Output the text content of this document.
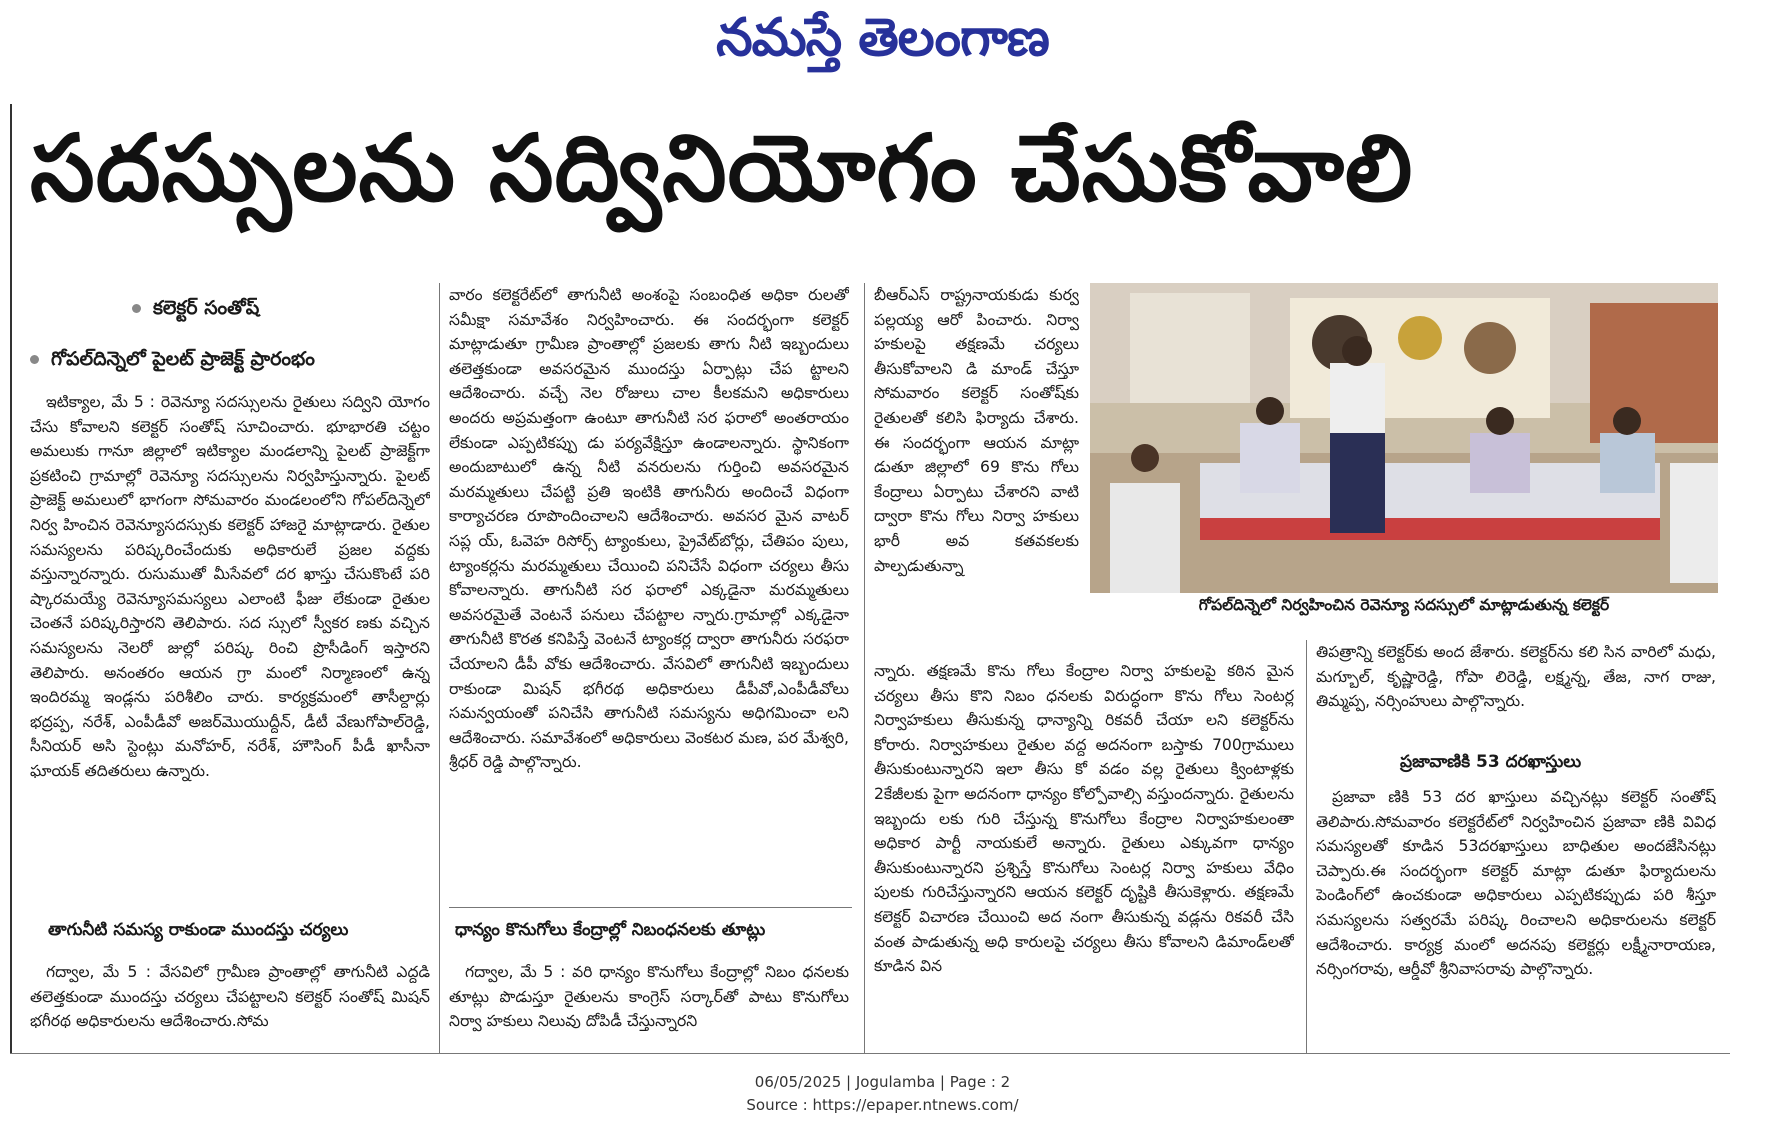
నమస్తే తెలంగాణ
సదస్సులను సద్వినియోగం చేసుకోవాలి
కలెక్టర్ సంతోష్
గోపల్‌దిన్నెలో పైలట్ ప్రాజెక్ట్ ప్రారంభం

ఇటిక్యాల, మే 5 : రెవెన్యూ సదస్సులను రైతులు సద్విని యోగం చేసు కోవాలని కలెక్టర్ సంతోష్ సూచించారు. భూభారతి చట్టం అమలుకు గానూ జిల్లాలో ఇటిక్యాల మండలాన్ని పైలట్ ప్రాజెక్ట్‌గా ప్రకటించి గ్రామాల్లో రెవెన్యూ సదస్సులను నిర్వహిస్తున్నారు. పైలట్ ప్రాజెక్ట్ అమలులో భాగంగా సోమవారం మండలంలోని గోపల్‌దిన్నెలో నిర్వ హించిన రెవెన్యూసదస్సుకు కలెక్టర్ హాజరై మాట్లాడారు. రైతుల సమస్యలను పరిష్కరించేందుకు అధికారులే ప్రజల వద్దకు వస్తున్నారన్నారు. రుసుముతో మీసేవలో దర ఖాస్తు చేసుకొంటే పరి ష్కారమయ్యే రెవెన్యూసమస్యలు ఎలాంటి ఫీజు లేకుండా రైతుల చెంతనే పరిష్కరిస్తారని తెలిపారు. సద స్సులో స్వీకర ణకు వచ్చిన సమస్యలను నెలరో జుల్లో పరిష్క రించి ప్రొసీడింగ్ ఇస్తారని తెలిపారు. అనంతరం ఆయన గ్రా మంలో నిర్మాణంలో ఉన్న ఇందిరమ్మ ఇండ్లను పరిశీలిం చారు. కార్యక్రమంలో తాసీల్దార్లు భద్రప్ప, నరేశ్, ఎంపీడీవో అజర్‌మొయుద్దీన్, డీటీ వేణుగోపాల్‌రెడ్డి, సీనియర్ అసి స్టెంట్లు మనోహర్, నరేశ్, హౌసింగ్ పీడీ ఖాసీనా ఘాయక్ తదితరులు ఉన్నారు.

తాగునీటి సమస్య రాకుండా ముందస్తు చర్యలు

గద్వాల, మే 5 : వేసవిలో గ్రామీణ ప్రాంతాల్లో తాగునీటి ఎద్దడి తలెత్తకుండా ముందస్తు చర్యలు చేపట్టాలని కలెక్టర్ సంతోష్ మిషన్ భగీరథ అధికారులను ఆదేశించారు.సోమ

వారం కలెక్టరేట్‌లో తాగునీటి అంశంపై సంబంధిత అధికా రులతో సమీక్షా సమావేశం నిర్వహించారు. ఈ సందర్భంగా కలెక్టర్ మాట్లాడుతూ గ్రామీణ ప్రాంతాల్లో ప్రజలకు తాగు నీటి ఇబ్బందులు తలెత్తకుండా అవసరమైన ముందస్తు ఏర్పాట్లు చేప ట్టాలని ఆదేశించారు. వచ్చే నెల రోజులు చాల కీలకమని అధికారులు అందరు అప్రమత్తంగా ఉంటూ తాగునీటి సర ఫరాలో అంతరాయం లేకుండా ఎప్పటికప్పు డు పర్యవేక్షిస్తూ ఉండాలన్నారు. స్థానికంగా అందుబాటులో ఉన్న నీటి వనరులను గుర్తించి అవసరమైన మరమ్మతులు చేపట్టి ప్రతి ఇంటికి తాగునీరు అందించే విధంగా కార్యాచరణ రూపొందించాలని ఆదేశించారు. అవసర మైన వాటర్ సప్ల య్, ఓవెహ రిసోర్స్ ట్యాంకులు, ప్రైవేట్‌బోర్లు, చేతిపం పులు, ట్యాంకర్లను మరమ్మతులు చేయించి పనిచేసే విధంగా చర్యలు తీసు కోవాలన్నారు. తాగునీటి సర ఫరాలో ఎక్కడైనా మరమ్మతులు అవసరమైతే వెంటనే పనులు చేపట్టాల న్నారు.గ్రామాల్లో ఎక్కడైనా తాగునీటి కొరత కనిపిస్తే వెంటనే ట్యాంకర్ల ద్వారా తాగునీరు సరఫరా చేయాలని డీపీ వోకు ఆదేశించారు. వేసవిలో తాగునీటి ఇబ్బందులు రాకుండా మిషన్ భగీరథ అధికారులు డీపీవో,ఎంపీడీవోలు సమన్వయంతో పనిచేసి తాగునీటి సమస్యను అధిగమించా లని ఆదేశించారు. సమావేశంలో అధికారులు వెంకటర మణ, పర మేశ్వరి, శ్రీధర్ రెడ్డి పాల్గొన్నారు.

ధాన్యం కొనుగోలు కేంద్రాల్లో నిబంధనలకు తూట్లు

గద్వాల, మే 5 : వరి ధాన్యం కొనుగోలు కేంద్రాల్లో నిబం ధనలకు తూట్లు పొడుస్తూ రైతులను కాంగ్రెస్ సర్కార్‌తో పాటు కొనుగోలు నిర్వా హకులు నిలువు దోపిడీ చేస్తున్నారని

బీఆర్ఎస్ రాష్ట్రనాయకుడు కుర్వ పల్లయ్య ఆరో పించారు. నిర్వా హకులపై తక్షణమే చర్యలు తీసుకోవాలని డి మాండ్ చేస్తూ సోమవారం కలెక్టర్ సంతోష్‌కు రైతులతో కలిసి ఫిర్యాదు చేశారు. ఈ సందర్భంగా ఆయన మాట్లా డుతూ జిల్లాలో 69 కొను గోలు కేంద్రాలు ఏర్పాటు చేశారని వాటి ద్వారా కొను గోలు నిర్వా హకులు భారీ అవ కతవకలకు పాల్పడుతున్నా

గోపల్‌దిన్నెలో నిర్వహించిన రెవెన్యూ సదస్సులో మాట్లాడుతున్న కలెక్టర్

న్నారు. తక్షణమే కొను గోలు కేంద్రాల నిర్వా హకులపై కఠిన మైన చర్యలు తీసు కొని నిబం ధనలకు విరుద్ధంగా కొను గోలు సెంటర్ల నిర్వాహకులు తీసుకున్న ధాన్యాన్ని రికవరీ చేయా లని కలెక్టర్‌ను కోరారు. నిర్వాహకులు రైతుల వద్ద అదనంగా బస్తాకు 700గ్రాములు తీసుకుంటున్నారని ఇలా తీసు కో వడం వల్ల రైతులు క్వింటాళ్లకు 2కేజీలకు పైగా అదనంగా ధాన్యం కోల్పోవాల్సి వస్తుందన్నారు. రైతులను ఇబ్బందు లకు గురి చేస్తున్న కొనుగోలు కేంద్రాల నిర్వాహకులంతా అధికార పార్టీ నాయకులే అన్నారు. రైతులు ఎక్కువగా ధాన్యం తీసుకుంటున్నారని ప్రశ్నిస్తే కొనుగోలు సెంటర్ల నిర్వా హకులు వేధిం పులకు గురిచేస్తున్నారని ఆయన కలెక్టర్ దృష్టికి తీసుకెళ్లారు. తక్షణమే కలెక్టర్ విచారణ చేయించి అద నంగా తీసుకున్న వడ్లను రికవరీ చేసి వంత పాడుతున్న అధి కారులపై చర్యలు తీసు కోవాలని డిమాండ్‌లతో కూడిన విన

తిపత్రాన్ని కలెక్టర్‌కు అంద జేశారు. కలెక్టర్‌ను కలి సిన వారిలో మధు, మగ్బూల్, కృష్ణారెడ్డి, గోపా లిరెడ్డి, లక్ష్మన్న, తేజ, నాగ రాజు, తిమ్మప్ప, నర్సింహులు పాల్గొన్నారు.

ప్రజావాణికి 53 దరఖాస్తులు

ప్రజావా ణికి 53 దర ఖాస్తులు వచ్చినట్లు కలెక్టర్ సంతోష్ తెలిపారు.సోమవారం కలెక్టరేట్‌లో నిర్వహించిన ప్రజావా ణికి వివిధ సమస్యలతో కూడిన 53దరఖాస్తులు బాధితుల అందజేసినట్లు చెప్పారు.ఈ సందర్భంగా కలెక్టర్ మాట్లా డుతూ ఫిర్యాదులను పెండింగ్‌లో ఉంచకుండా అధికారులు ఎప్పటికప్పుడు పరి శీస్తూ సమస్యలను సత్వరమే పరిష్క రించాలని అధికారులను కలెక్టర్ ఆదేశించారు. కార్యక్ర మంలో అదనపు కలెక్టర్లు లక్ష్మీనారాయణ, నర్సింగరావు, ఆర్డీవో శ్రీనివాసరావు పాల్గొన్నారు.

06/05/2025 | Jogulamba | Page : 2
Source : https://epaper.ntnews.com/
